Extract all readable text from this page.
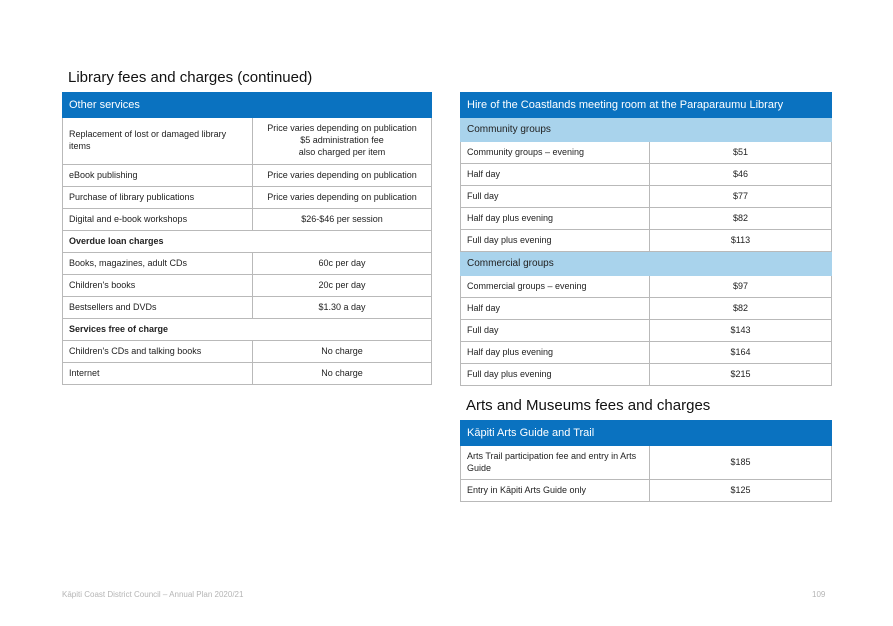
Library fees and charges (continued)
Other services	
Replacement of lost or damaged library items	Price varies depending on publication
$5 administration fee
also charged per item

eBook publishing	Price varies depending on publication
Purchase of library publications	Price varies depending on publication
Digital and e-book workshops	$26-$46 per session
Overdue loan charges	
Books, magazines, adult CDs	60c per day
Children's books	20c per day
Bestsellers and DVDs	$1.30 a day
Services free of charge	
Children's CDs and talking books	No charge
Internet	No charge
Hire of the Coastlands meeting room at the Paraparaumu Library	
Community groups	
Community groups – evening	$51
Half day	$46
Full day	$77
Half day plus evening	$82
Full day plus evening	$113
Commercial groups	
Commercial groups – evening	$97
Half day	$82
Full day	$143
Half day plus evening	$164
Full day plus evening	$215
Arts and Museums fees and charges
Kāpiti Arts Guide and Trail	
Arts Trail participation fee and entry in Arts Guide	$185
Entry in Kāpiti Arts Guide only	$125
Kāpiti Coast District Council – Annual Plan 2020/21	109
